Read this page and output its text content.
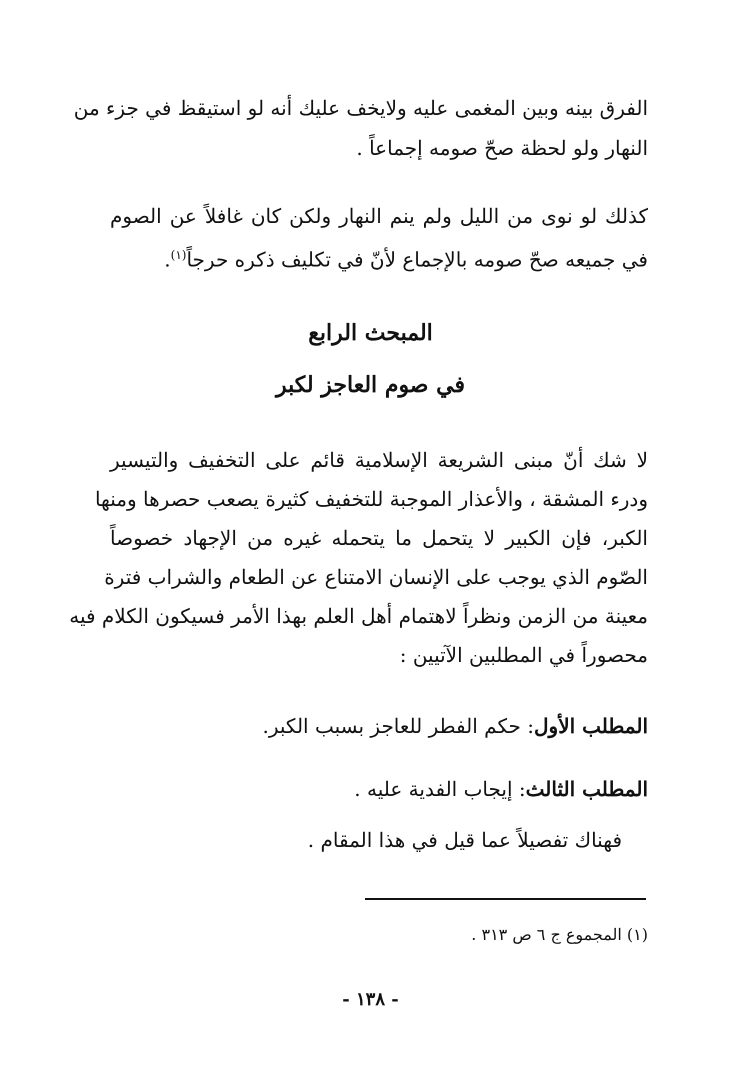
الفرق بينه وبين المغمى عليه ولايخف عليك أنه لو استيقظ في جزء من
النهار ولو لحظة صحّ صومه إجماعاً .
كذلك لو نوى من الليل ولم ينم النهار ولكن كان غافلاً عن الصوم
في جميعه صحّ صومه بالإجماع لأنّ في تكليف ذكره حرجاً$^{(١)}$.
المبحث الرابع
في صوم العاجز لكبر
لا شك أنّ مبنى الشريعة الإسلامية قائم على التخفيف والتيسير
ودرء المشقة ، والأعذار الموجبة للتخفيف كثيرة يصعب حصرها ومنها
الكبر، فإن الكبير لا يتحمل ما يتحمله غيره من الإجهاد خصوصاً
الصّوم الذي يوجب على الإنسان الامتناع عن الطعام والشراب فترة
معينة من الزمن ونظراً لاهتمام أهل العلم بهذا الأمر فسيكون الكلام فيه
محصوراً في المطلبين الآتيين :
المطلب الأول: حكم الفطر للعاجز بسبب الكبر.
المطلب الثالث: إيجاب الفدية عليه .
فهناك تفصيلاً عما قيل في هذا المقام .
(١) المجموع ج ٦ ص ٣١٣ .
- ١٣٨ -
